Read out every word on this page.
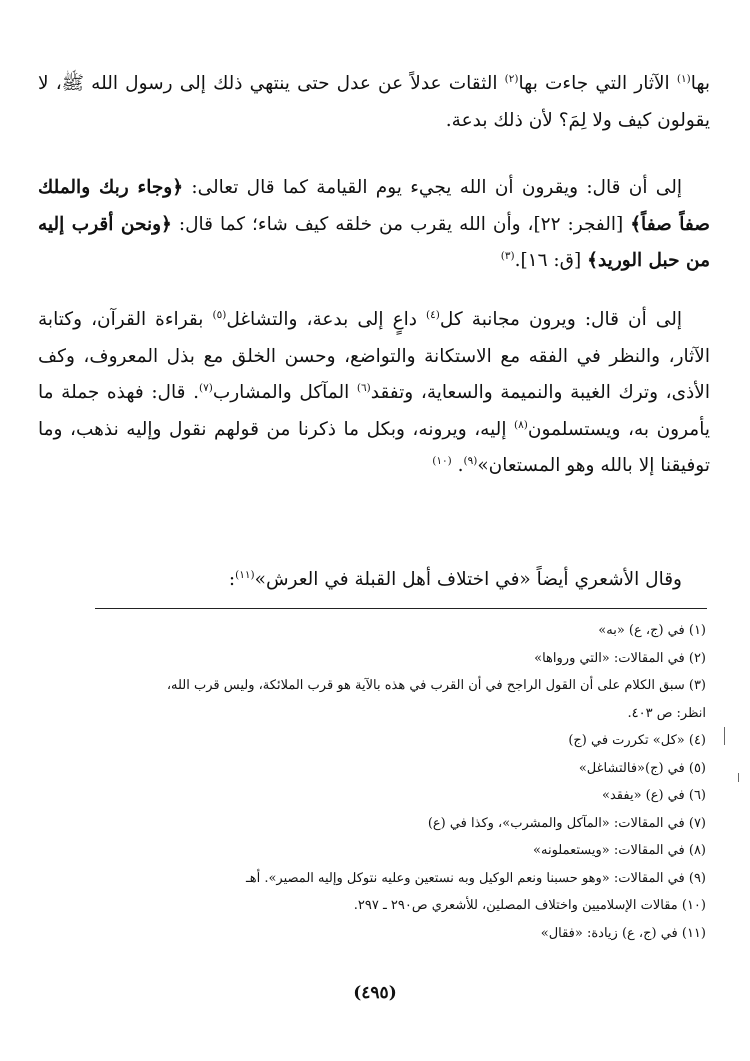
بها$^{(١)}$ الآثار التي جاءت بها$^{(٢)}$ الثقات عدلاً عن عدل حتى ينتهي ذلك إلى رسول الله ﷺ، لا يقولون كيف ولا لِمَ؟ لأن ذلك بدعة.

إلى أن قال: ويقرون أن الله يجيء يوم القيامة كما قال تعالى: ﴿وجاء ربك والملك صفاً صفاً﴾ [الفجر: ٢٢]، وأن الله يقرب من خلقه كيف شاء؛ كما قال: ﴿ونحن أقرب إليه من حبل الوريد﴾ [ق: ١٦].$^{(٣)}$

إلى أن قال: ويرون مجانبة كل$^{(٤)}$ داعٍ إلى بدعة، والتشاغل$^{(٥)}$ بقراءة القرآن، وكتابة الآثار، والنظر في الفقه مع الاستكانة والتواضع، وحسن الخلق مع بذل المعروف، وكف الأذى، وترك الغيبة والنميمة والسعاية، وتفقد$^{(٦)}$ المآكل والمشارب$^{(٧)}$. قال: فهذه جملة ما يأمرون به، ويستسلمون$^{(٨)}$ إليه، ويرونه، وبكل ما ذكرنا من قولهم نقول وإليه نذهب، وما توفيقنا إلا بالله وهو المستعان»$^{(٩)}$. $^{(١٠)}$

وقال الأشعري أيضاً «في اختلاف أهل القبلة في العرش»$^{(١١)}$:

(١) في (ج، ع) «به»
(٢) في المقالات: «التي ورواها»
(٣) سبق الكلام على أن القول الراجح في أن القرب في هذه بالآية هو قرب الملائكة، وليس قرب الله،
انظر: ص ٤٠٣.
(٤) «كل» تكررت في (ج)
(٥) في (ج)«فالتشاغل»
(٦) في (ع) «يفقد»
(٧) في المقالات: «المآكل والمشرب»، وكذا في (ع)
(٨) في المقالات: «ويستعملونه»
(٩) في المقالات: «وهو حسبنا ونعم الوكيل وبه نستعين وعليه نتوكل وإليه المصير». أهـ
(١٠) مقالات الإسلاميين واختلاف المصلين، للأشعري ص٢٩٠ ـ ٢٩٧.
(١١) في (ج، ع) زيادة: «فقال»
(٤٩٥)
